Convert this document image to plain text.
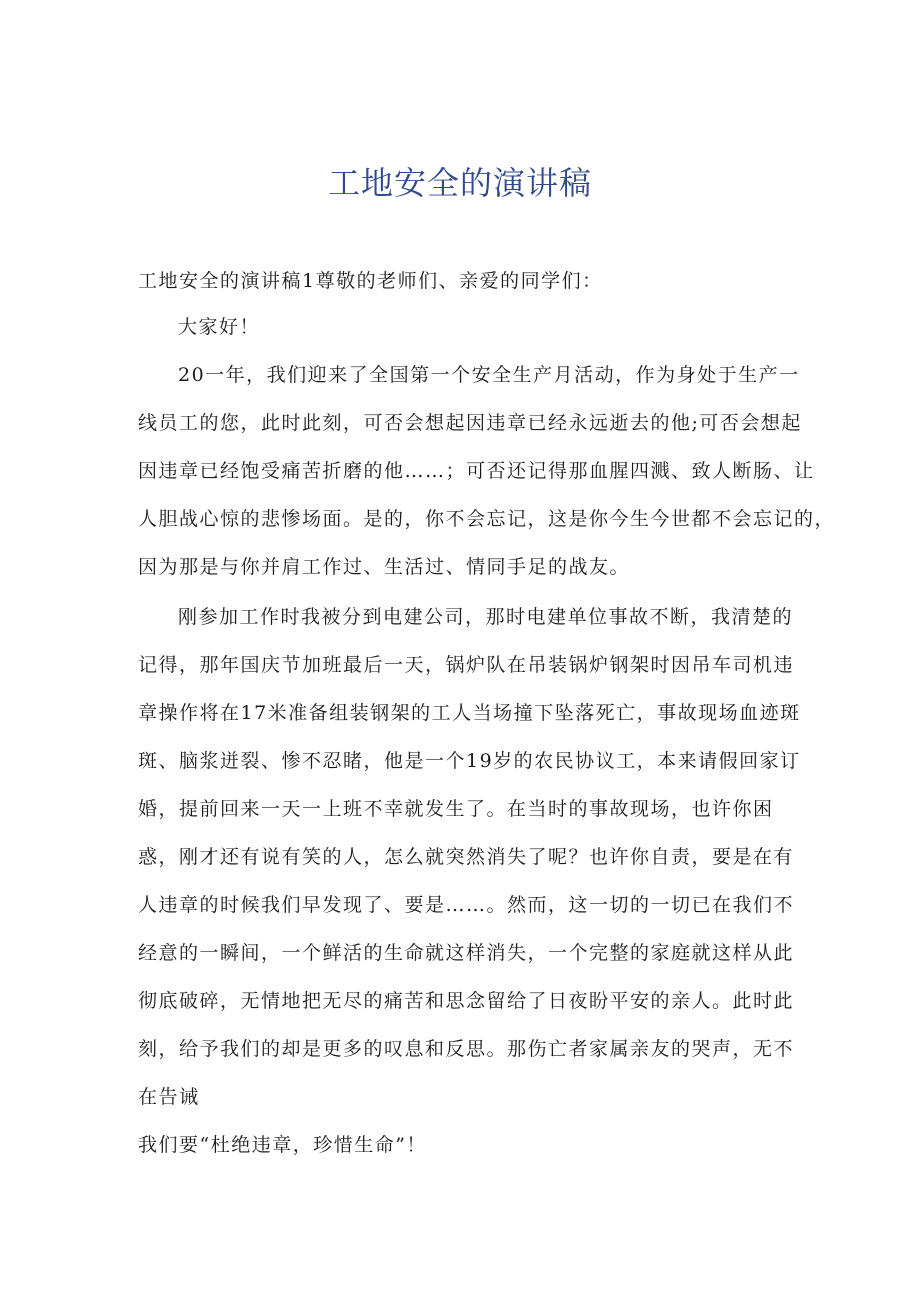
工地安全的演讲稿
工地安全的演讲稿1尊敬的老师们、亲爱的同学们：
大家好！
20一年，我们迎来了全国第一个安全生产月活动，作为身处于生产一
线员工的您，此时此刻，可否会想起因违章已经永远逝去的他;可否会想起
因违章已经饱受痛苦折磨的他……；可否还记得那血腥四溅、致人断肠、让
人胆战心惊的悲惨场面。是的，你不会忘记，这是你今生今世都不会忘记的，
因为那是与你并肩工作过、生活过、情同手足的战友。
刚参加工作时我被分到电建公司，那时电建单位事故不断，我清楚的
记得，那年国庆节加班最后一天，锅炉队在吊装锅炉钢架时因吊车司机违
章操作将在17米准备组装钢架的工人当场撞下坠落死亡，事故现场血迹斑
斑、脑浆迸裂、惨不忍睹，他是一个19岁的农民协议工，本来请假回家订
婚，提前回来一天一上班不幸就发生了。在当时的事故现场，也许你困
惑，刚才还有说有笑的人，怎么就突然消失了呢？也许你自责，要是在有
人违章的时候我们早发现了、要是……。然而，这一切的一切已在我们不
经意的一瞬间，一个鲜活的生命就这样消失，一个完整的家庭就这样从此
彻底破碎，无情地把无尽的痛苦和思念留给了日夜盼平安的亲人。此时此
刻，给予我们的却是更多的叹息和反思。那伤亡者家属亲友的哭声，无不
在告诫
我们要“杜绝违章，珍惜生命”！
